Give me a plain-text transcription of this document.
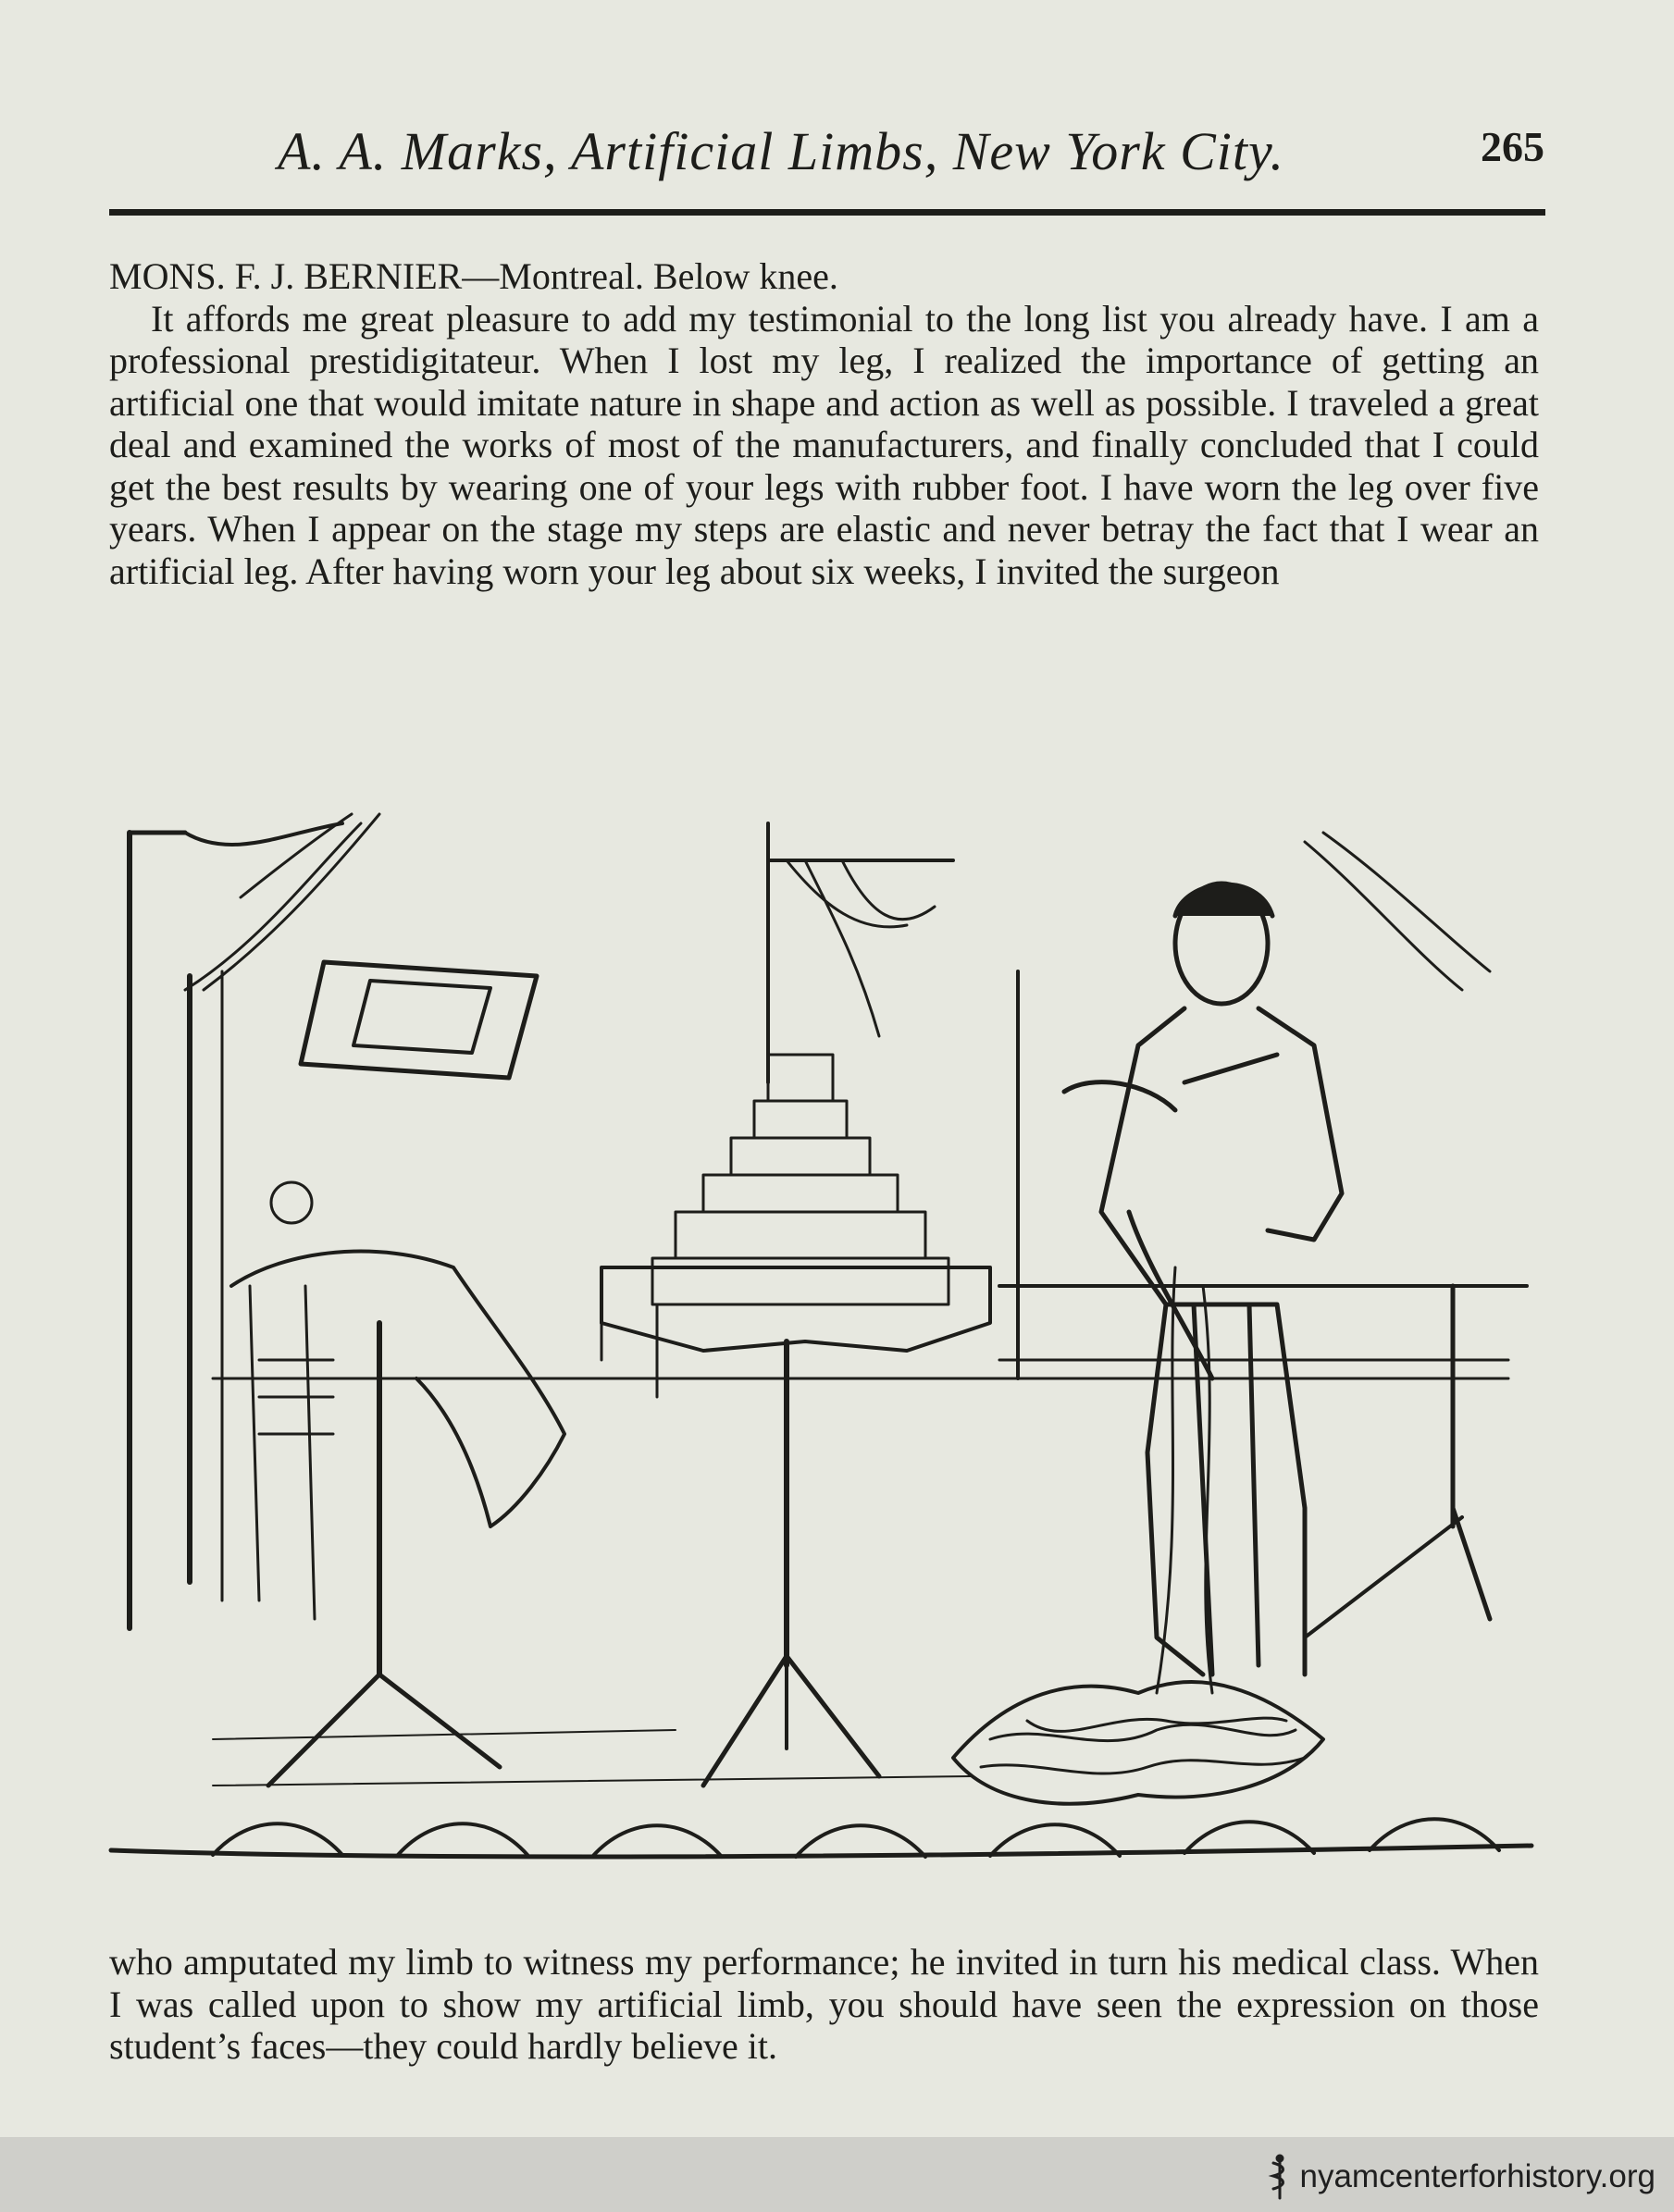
A. A. Marks, Artificial Limbs, New York City.	265

MONS. F. J. BERNIER—Montreal. Below knee.

It affords me great pleasure to add my testimonial to the long list you already have. I am a professional prestidigitateur. When I lost my leg, I realized the importance of getting an artificial one that would imitate nature in shape and action as well as possible. I traveled a great deal and examined the works of most of the manufacturers, and finally concluded that I could get the best results by wearing one of your legs with rubber foot. I have worn the leg over five years. When I appear on the stage my steps are elastic and never betray the fact that I wear an artificial leg. After having worn your leg about six weeks, I invited the surgeon

who amputated my limb to witness my performance; he invited in turn his medical class. When I was called upon to show my artificial limb, you should have seen the expression on those student’s faces—they could hardly believe it.

nyamcenterforhistory.org
